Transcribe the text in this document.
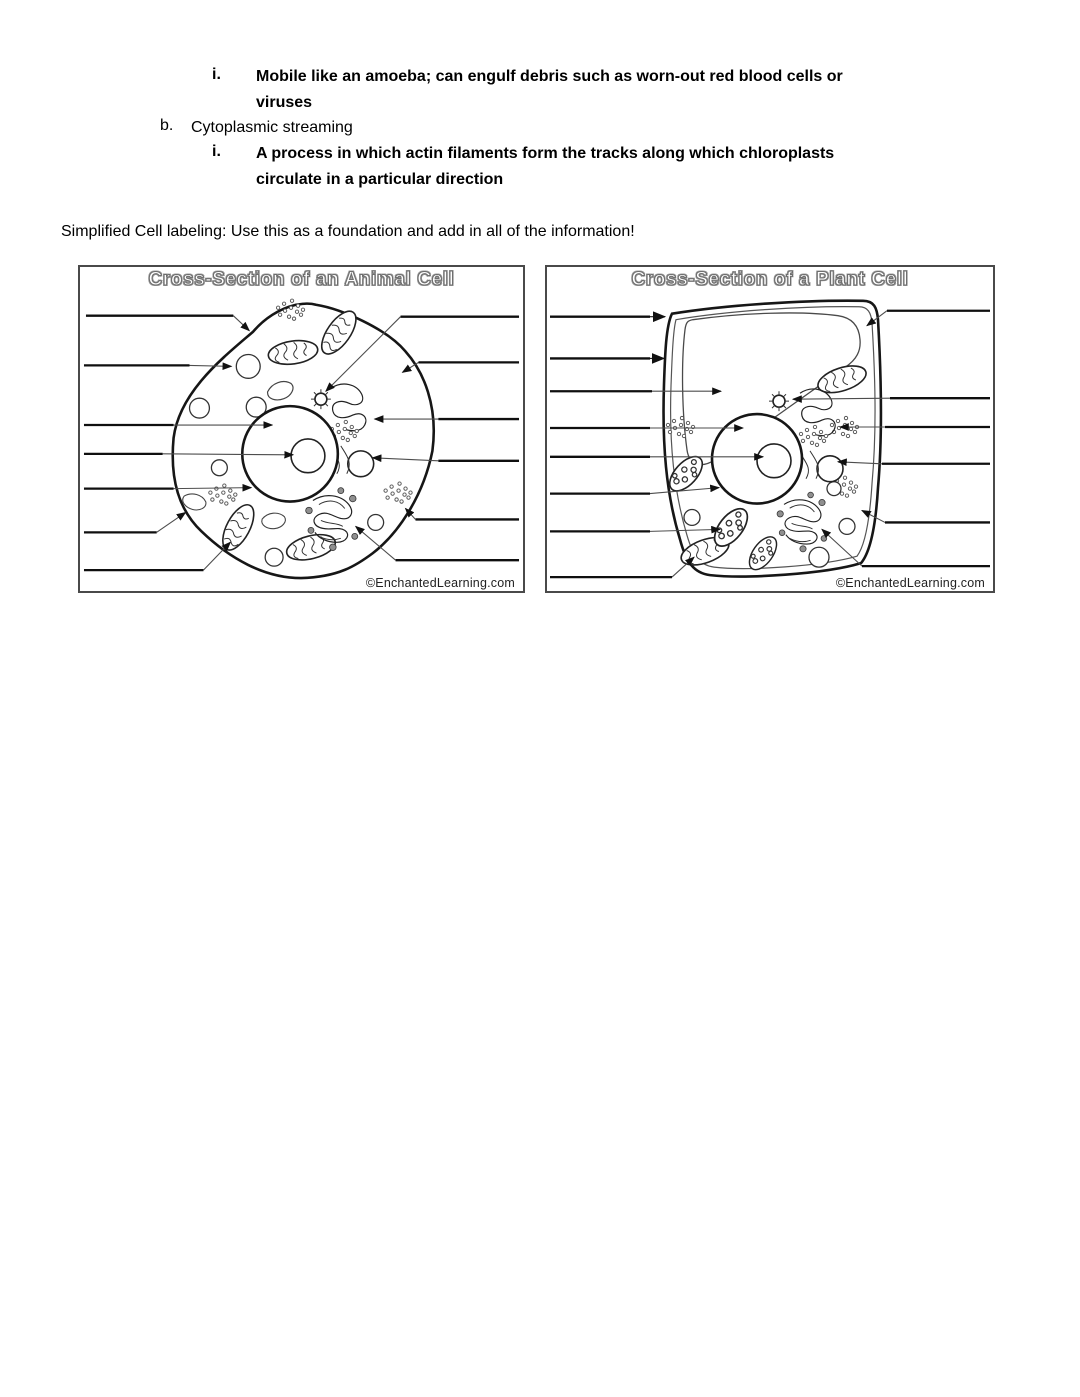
i. Mobile like an amoeba; can engulf debris such as worn-out red blood cells or
viruses
b. Cytoplasmic streaming
i. A process in which actin filaments form the tracks along which chloroplasts
circulate in a particular direction
Simplified Cell labeling: Use this as a foundation and add in all of the information!
Cross-Section of an Animal Cell
©EnchantedLearning.com
Cross-Section of a Plant Cell
©EnchantedLearning.com
